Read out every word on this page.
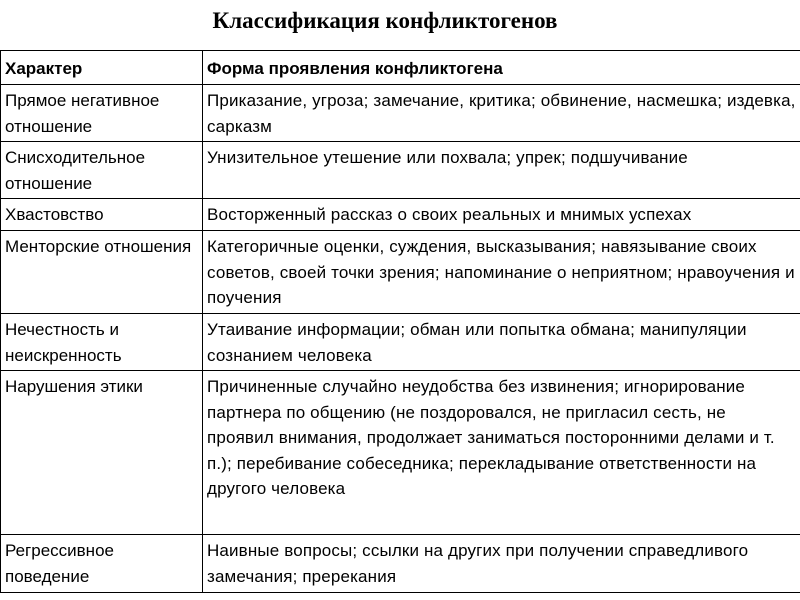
Классификация конфликтогенов
Характер	Форма проявления конфликтогена
Прямое негативное отношение	Приказание, угроза; замечание, критика; обвинение, насмешка; издевка, сарказм
Снисходительное отношение	Унизительное утешение или похвала; упрек; подшучивание
Хвастовство	Восторженный рассказ о своих реальных и мнимых успехах
Менторские отношения	Категоричные оценки, суждения, высказывания; навязывание своих советов, своей точки зрения; напоминание о неприятном; нравоучения и поучения
Нечестность и неискренность	Утаивание информации; обман или попытка обмана; манипуляции сознанием человека
Нарушения этики	Причиненные случайно неудобства без извинения; игнорирование партнера по общению (не поздоровался, не пригласил сесть, не проявил внимания, продолжает заниматься посторонними делами и т. п.); перебивание собеседника; перекладывание ответственности на другого человека
Регрессивное поведение	Наивные вопросы; ссылки на других при получении справедливого замечания; пререкания
